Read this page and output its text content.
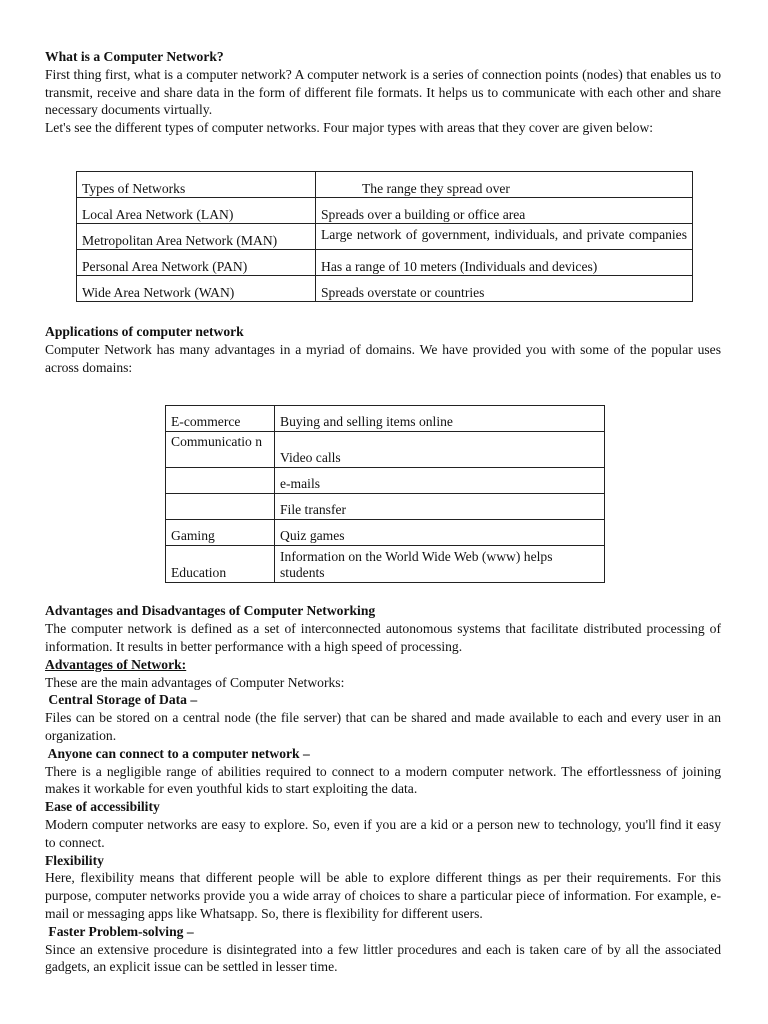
What is a Computer Network?

First thing first, what is a computer network? A computer network is a series of connection points (nodes) that enables us to transmit, receive and share data in the form of different file formats. It helps us to communicate with each other and share necessary documents virtually.

Let's see the different types of computer networks. Four major types with areas that they cover are given below:

Types of Networks	The range they spread over
Local Area Network (LAN)	Spreads over a building or office area
Metropolitan Area Network (MAN)	Large network of government, individuals, and private companies

Personal Area Network (PAN)	Has a range of 10 meters (Individuals and devices)
Wide Area Network (WAN)	Spreads overstate or countries

Applications of computer network

Computer Network has many advantages in a myriad of domains. We have provided you with some of the popular uses across domains:

E-commerce	Buying and selling items online
Communicatio n	Video calls
	e-mails
	File transfer
Gaming	Quiz games
Education	Information on the World Wide Web (www) helps students

Advantages and Disadvantages of Computer Networking

The computer network is defined as a set of interconnected autonomous systems that facilitate distributed processing of information. It results in better performance with a high speed of processing.

Advantages of Network:

These are the main advantages of Computer Networks:

Central Storage of Data –

Files can be stored on a central node (the file server) that can be shared and made available to each and every user in an organization.

Anyone can connect to a computer network –

There is a negligible range of abilities required to connect to a modern computer network. The effortlessness of joining makes it workable for even youthful kids to start exploiting the data.

Ease of accessibility

Modern computer networks are easy to explore. So, even if you are a kid or a person new to technology, you'll find it easy to connect.

Flexibility

Here, flexibility means that different people will be able to explore different things as per their requirements. For this purpose, computer networks provide you a wide array of choices to share a particular piece of information. For example, e-mail or messaging apps like Whatsapp. So, there is flexibility for different users.

Faster Problem-solving –

Since an extensive procedure is disintegrated into a few littler procedures and each is taken care of by all the associated gadgets, an explicit issue can be settled in lesser time.
